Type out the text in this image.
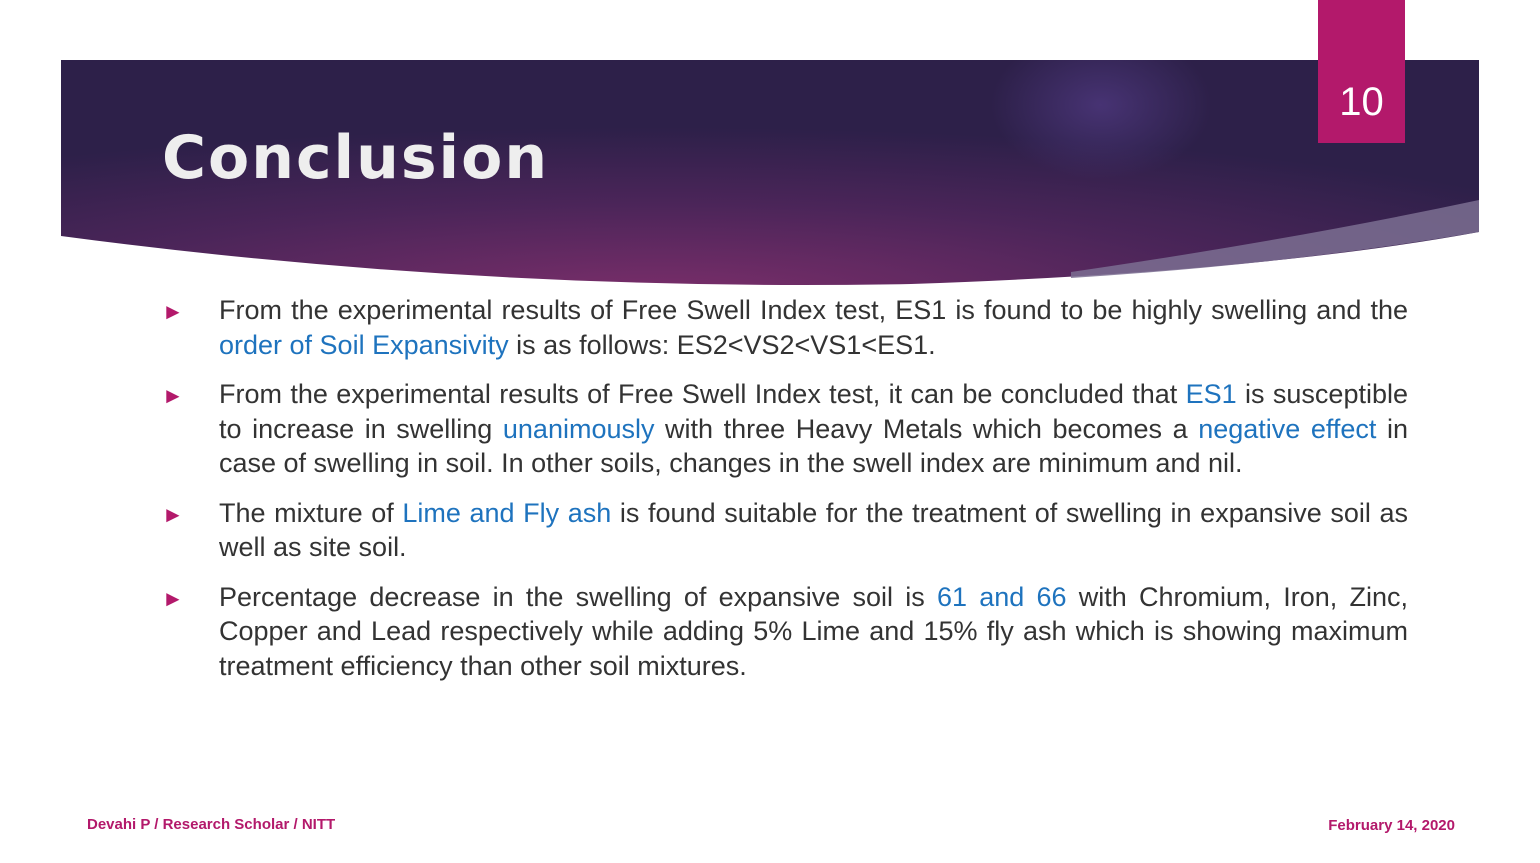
Conclusion
10
► From the experimental results of Free Swell Index test, ES1 is found to be highly swelling and the order of Soil Expansivity is as follows: ES2<VS2<VS1<ES1.
► From the experimental results of Free Swell Index test, it can be concluded that ES1 is susceptible to increase in swelling unanimously with three Heavy Metals which becomes a negative effect in case of swelling in soil. In other soils, changes in the swell index are minimum and nil.
► The mixture of Lime and Fly ash is found suitable for the treatment of swelling in expansive soil as well as site soil.
► Percentage decrease in the swelling of expansive soil is 61 and 66 with Chromium, Iron, Zinc, Copper and Lead respectively while adding 5% Lime and 15% fly ash which is showing maximum treatment efficiency than other soil mixtures.
Devahi P / Research Scholar / NITT	February 14, 2020
